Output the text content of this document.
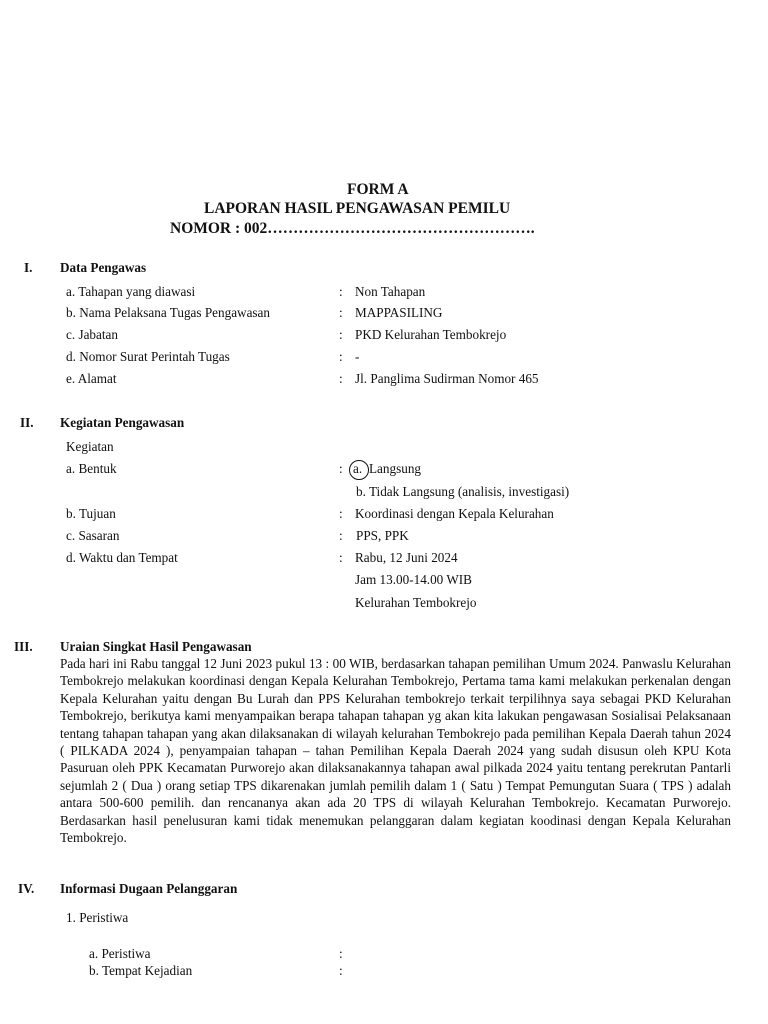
FORM A
LAPORAN HASIL PENGAWASAN PEMILU
NOMOR : 002…………………………………………….
I. Data Pengawas
a. Tahapan yang diawasi	: Non Tahapan
b. Nama Pelaksana Tugas Pengawasan	: MAPPASILING
c. Jabatan	: PKD Kelurahan Tembokrejo
d. Nomor Surat Perintah Tugas	: -
e. Alamat	: Jl. Panglima Sudirman Nomor 465
II. Kegiatan Pengawasan
Kegiatan
a. Bentuk	: a. Langsung
b. Tidak Langsung (analisis, investigasi)
b. Tujuan	: Koordinasi dengan Kepala Kelurahan
c. Sasaran	: PPS, PPK
d. Waktu dan Tempat	: Rabu, 12 Juni 2024
Jam 13.00-14.00 WIB
Kelurahan Tembokrejo
III. Uraian Singkat Hasil Pengawasan

Pada hari ini Rabu tanggal 12 Juni 2023 pukul 13 : 00 WIB, berdasarkan tahapan pemilihan Umum 2024. Panwaslu Kelurahan Tembokrejo melakukan koordinasi dengan Kepala Kelurahan Tembokrejo, Pertama tama kami melakukan perkenalan dengan Kepala Kelurahan yaitu dengan Bu Lurah dan PPS Kelurahan tembokrejo terkait terpilihnya saya sebagai PKD Kelurahan Tembokrejo, berikutya kami menyampaikan berapa tahapan tahapan yg akan kita lakukan pengawasan Sosialisai Pelaksanaan tentang tahapan tahapan yang akan dilaksanakan di wilayah kelurahan Tembokrejo pada pemilihan Kepala Daerah tahun 2024 ( PILKADA 2024 ), penyampaian tahapan – tahan Pemilihan Kepala Daerah 2024 yang sudah disusun oleh KPU Kota Pasuruan oleh PPK Kecamatan Purworejo akan dilaksanakannya tahapan awal pilkada 2024 yaitu tentang perekrutan Pantarli sejumlah 2 ( Dua ) orang setiap TPS dikarenakan jumlah pemilih dalam 1 ( Satu ) Tempat Pemungutan Suara ( TPS ) adalah antara 500-600 pemilih. dan rencananya akan ada 20 TPS di wilayah Kelurahan Tembokrejo. Kecamatan Purworejo. Berdasarkan hasil penelusuran kami tidak menemukan pelanggaran dalam kegiatan koodinasi dengan Kepala Kelurahan Tembokrejo.

IV. Informasi Dugaan Pelanggaran
1. Peristiwa
a. Peristiwa	:
b. Tempat Kejadian	:
